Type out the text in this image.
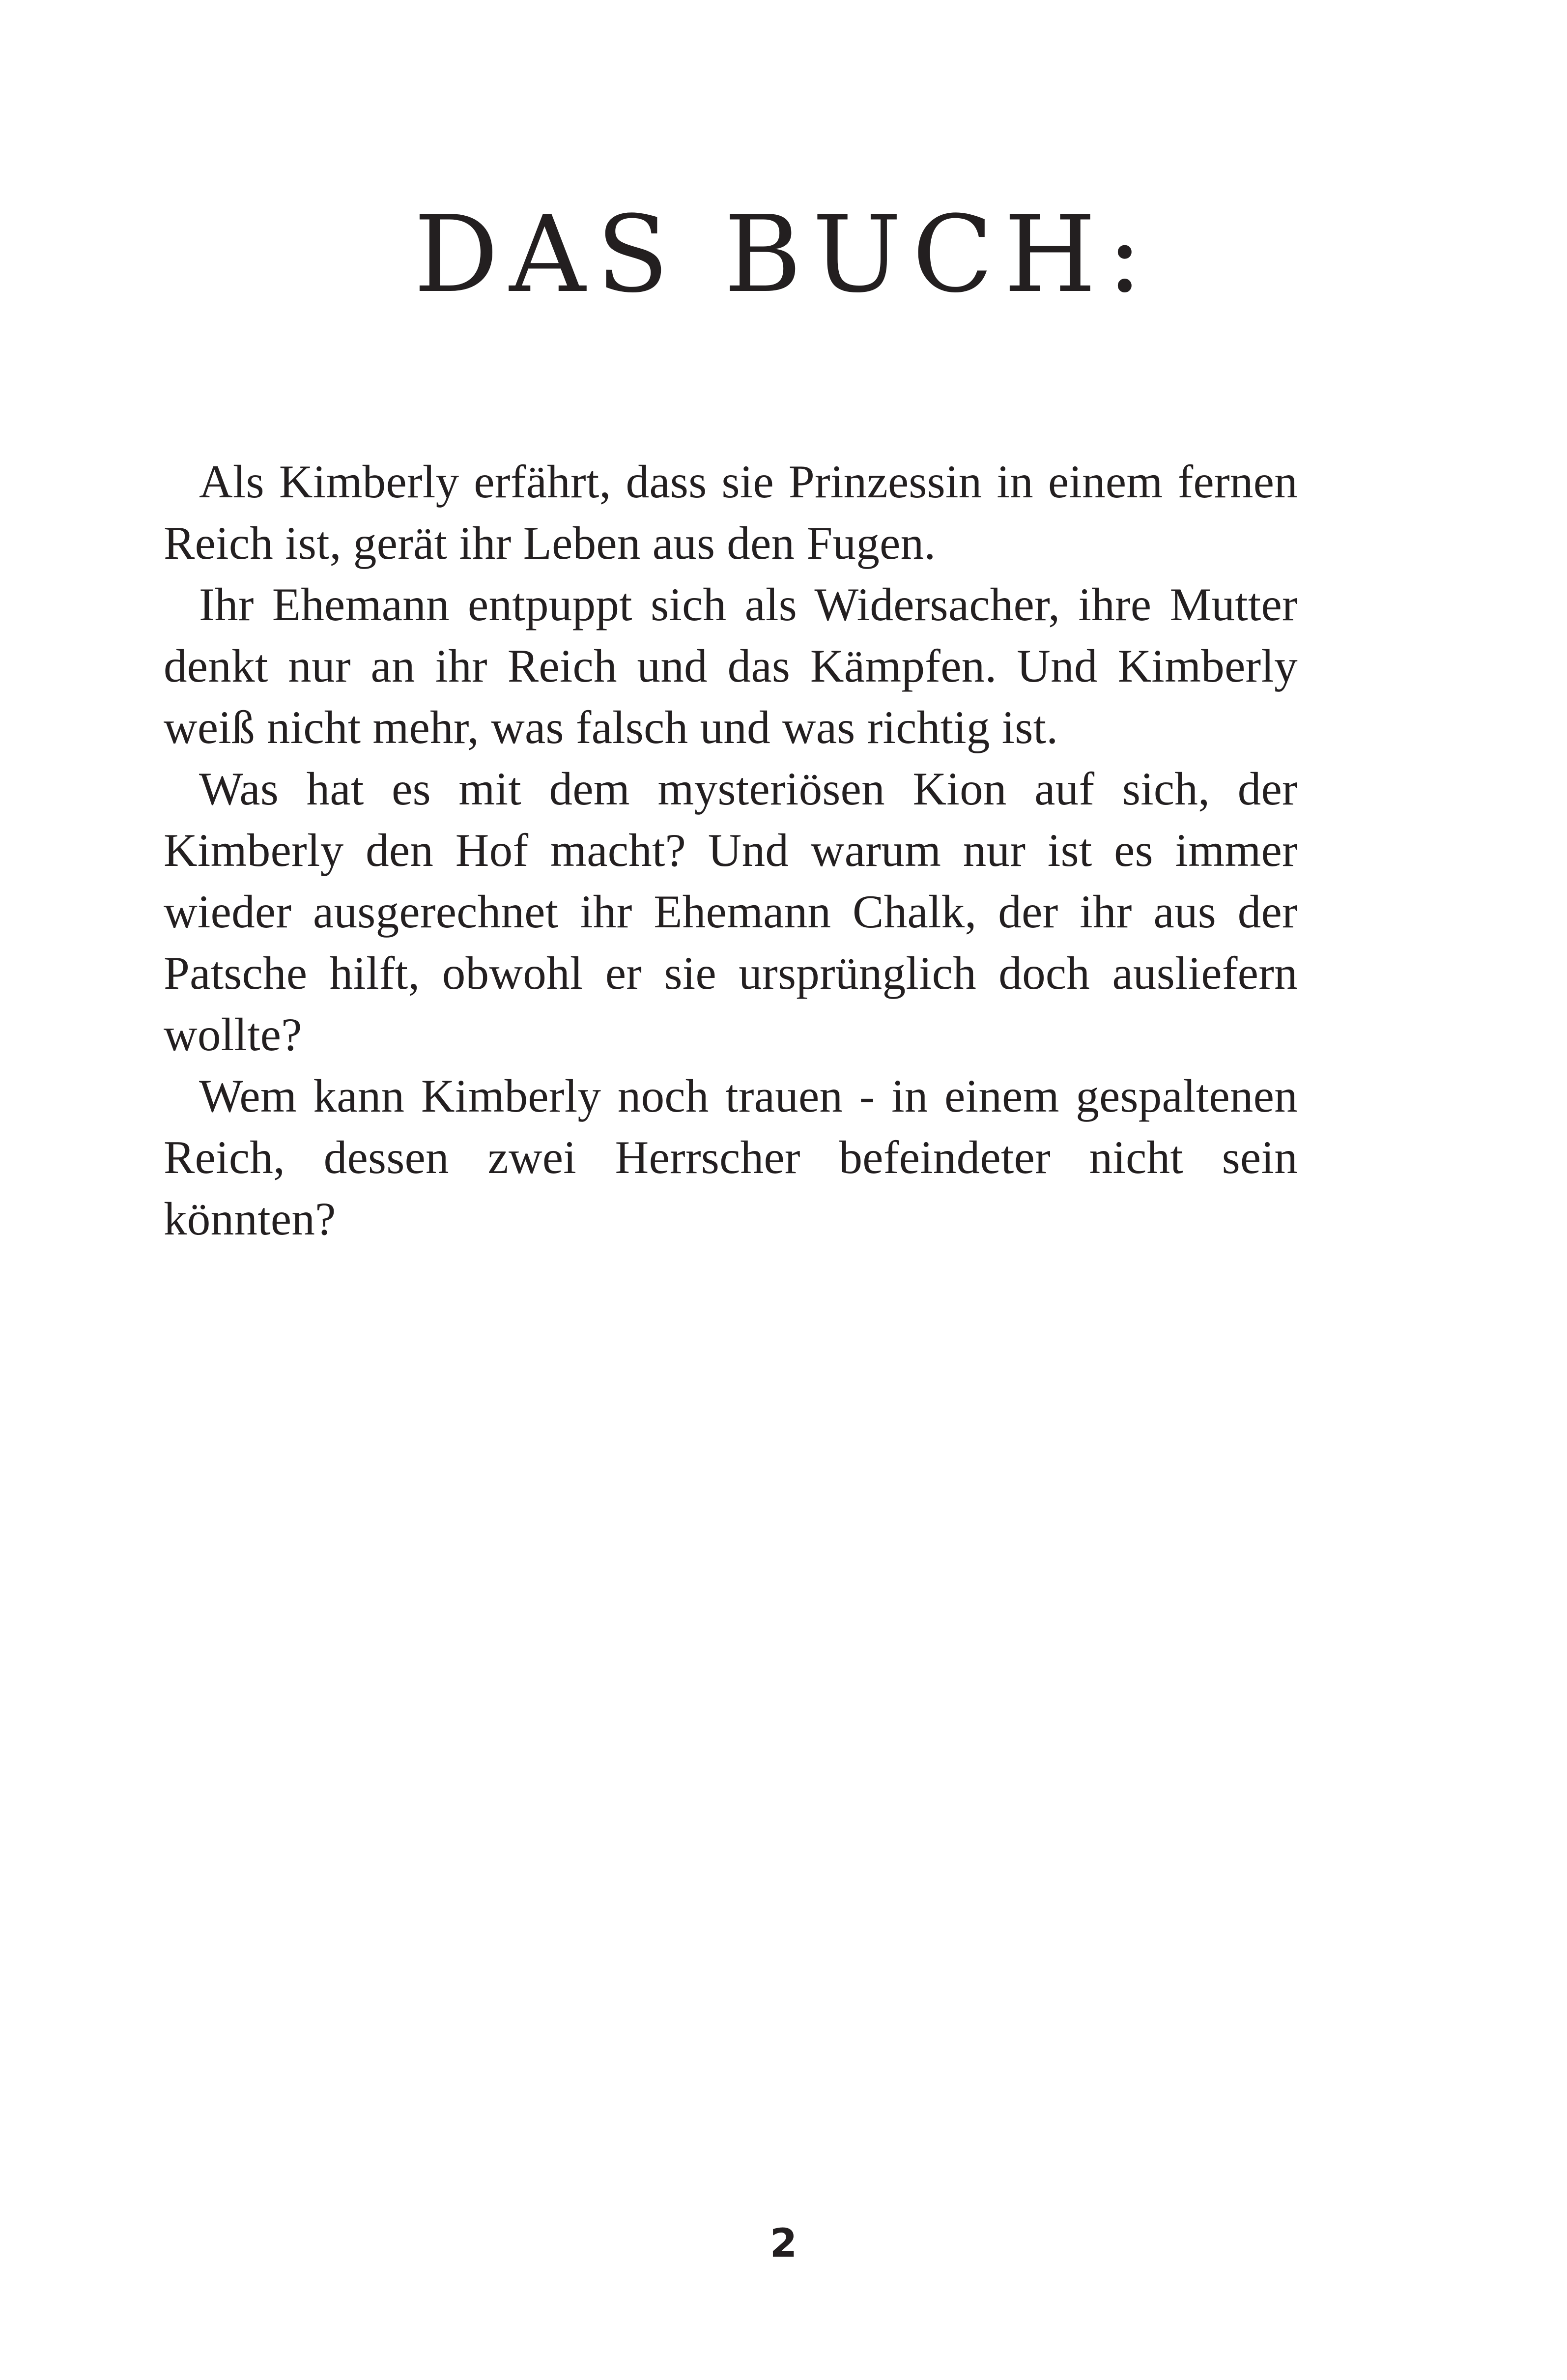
DAS BUCH:

Als Kimberly erfährt, dass sie Prinzessin in einem fernen Reich ist, gerät ihr Leben aus den Fugen.

Ihr Ehemann entpuppt sich als Widersacher, ihre Mutter denkt nur an ihr Reich und das Kämpfen. Und Kimberly weiß nicht mehr, was falsch und was richtig ist.

Was hat es mit dem mysteriösen Kion auf sich, der Kimberly den Hof macht? Und warum nur ist es immer wieder ausgerechnet ihr Ehemann Chalk, der ihr aus der Patsche hilft, obwohl er sie ursprünglich doch ausliefern wollte?

Wem kann Kimberly noch trauen - in einem gespaltenen Reich, dessen zwei Herrscher befeindeter nicht sein könnten?

2
